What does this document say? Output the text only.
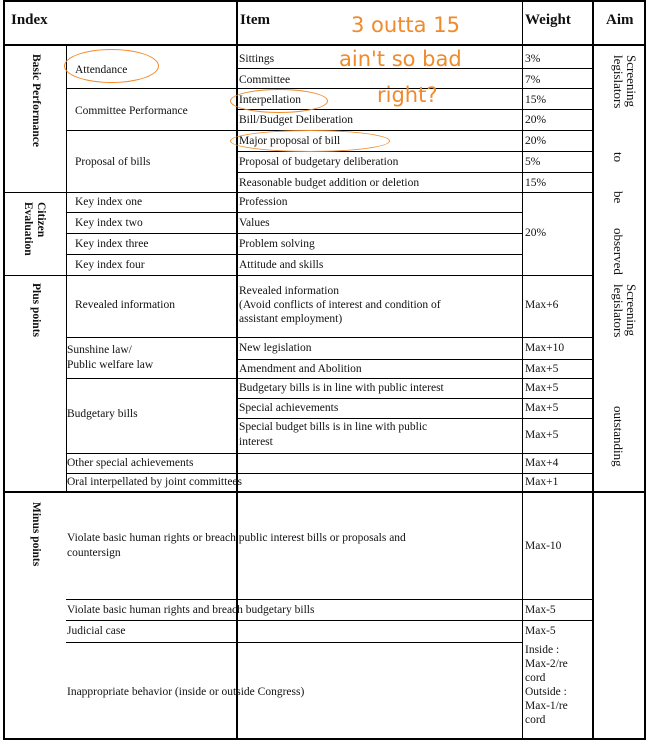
Index	Item	Weight Aim
Basic Performance
Citizen Evaluation
Plus points
Minus points
Screening legislators
to
be
observed
Screening legislators
outstanding
Attendance
Committee Performance
Proposal of bills
Key index one
Key index two
Key index three
Key index four
Revealed information
Sunshine law/
Public welfare law
Budgetary bills
Sittings
Committee
Interpellation
Bill/Budget Deliberation
Major proposal of bill
Proposal of budgetary deliberation
Reasonable budget addition or deletion
Profession
Values
Problem solving
Attitude and skills
Revealed information
(Avoid conflicts of interest and condition of
assistant employment)
New legislation
Amendment and Abolition
Budgetary bills is in line with public interest
Special achievements
Special budget bills is in line with public
interest
Other special achievements
Oral interpellated by joint committees
Violate basic human rights or breach public interest bills or proposals and
countersign
Violate basic human rights and breach budgetary bills
Judicial case
Inappropriate behavior (inside or outside Congress)
3%
7%
15%
20%
20%
5%
15%
20%
Max+6
Max+10
Max+5
Max+5
Max+5
Max+5
Max+4
Max+1
Max-10
Max-5
Max-5
Inside :
Max-2/re
cord
Outside :
Max-1/re
cord
3 outta 15
ain't so bad
right?
